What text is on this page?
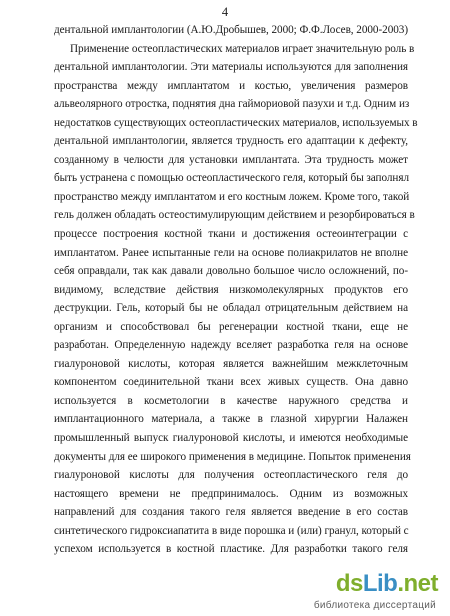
4
дентальной имплантологии (А.Ю.Дробышев, 2000; Ф.Ф.Лосев, 2000-2003)
Применение остеопластических материалов играет значительную роль в
дентальной имплантологии. Эти материалы используются для заполнения
пространства между имплантатом и костью, увеличения размеров
альвеолярного отростка, поднятия дна гаймориовой пазухи и т.д. Одним из
недостатков существующих остеопластических материалов, используемых в
дентальной имплантологии, является трудность его адаптации к дефекту,
созданному в челюсти для установки имплантата. Эта трудность может
быть устранена с помощью остеопластического геля, который бы заполнял
пространство между имплантатом и его костным ложем. Кроме того, такой
гель должен обладать остеостимулирующим действием и резорбироваться в
процессе построения костной ткани и достижения остеоинтеграции с
имплантатом. Ранее испытанные гели на основе полиакрилатов не вполне
себя оправдали, так как давали довольно большое число осложнений, по-
видимому, вследствие действия низкомолекулярных продуктов его
деструкции. Гель, который бы не обладал отрицательным действием на
организм и способствовал бы регенерации костной ткани, еще не
разработан. Определенную надежду вселяет разработка геля на основе
гиалуроновой кислоты, которая является важнейшим межклеточным
компонентом соединительной ткани всех живых существ. Она давно
используется в косметологии в качестве наружного средства и
имплантационного материала, а также в глазной хирургии Налажен
промышленный выпуск гиалуроновой кислоты, и имеются необходимые
документы для ее широкого применения в медицине. Попыток применения
гиалуроновой кислоты для получения остеопластического геля до
настоящего времени не предпринималось. Одним из возможных
направлений для создания такого геля является введение в его состав
синтетического гидроксиапатита в виде порошка и (или) гранул, который с
успехом используется в костной пластике. Для разработки такого геля
dsLib.net
библиотека диссертаций
